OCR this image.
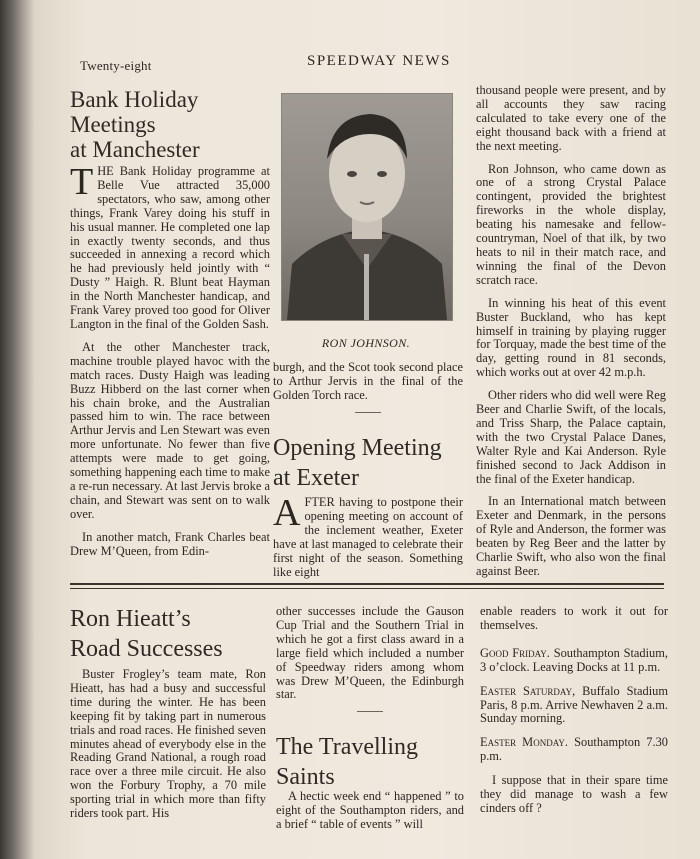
Twenty-eight	SPEEDWAY NEWS
Bank Holiday
Meetings
at Manchester

THE Bank Holiday programme at Belle Vue attracted 35,000 spectators, who saw, among other things, Frank Varey doing his stuff in his usual manner. He completed one lap in exactly twenty seconds, and thus succeeded in annexing a record which he had previously held jointly with “ Dusty ” Haigh. R. Blunt beat Hayman in the North Manchester handicap, and Frank Varey proved too good for Oliver Langton in the final of the Golden Sash.

At the other Manchester track, machine trouble played havoc with the match races. Dusty Haigh was leading Buzz Hibberd on the last corner when his chain broke, and the Australian passed him to win. The race between Arthur Jervis and Len Stewart was even more unfortunate. No fewer than five attempts were made to get going, something happening each time to make a re-run necessary. At last Jervis broke a chain, and Stewart was sent on to walk over.

In another match, Frank Charles beat Drew M’Queen, from Edin-

RON JOHNSON.

burgh, and the Scot took second place to Arthur Jervis in the final of the Golden Torch race.

Opening Meeting
at Exeter

AFTER having to postpone their opening meeting on account of the inclement weather, Exeter have at last managed to celebrate their first night of the season. Something like eight

thousand people were present, and by all accounts they saw racing calculated to take every one of the eight thousand back with a friend at the next meeting.

Ron Johnson, who came down as one of a strong Crystal Palace contingent, provided the brightest fireworks in the whole display, beating his namesake and fellow-countryman, Noel of that ilk, by two heats to nil in their match race, and winning the final of the Devon scratch race.

In winning his heat of this event Buster Buckland, who has kept himself in training by playing rugger for Torquay, made the best time of the day, getting round in 81 seconds, which works out at over 42 m.p.h.

Other riders who did well were Reg Beer and Charlie Swift, of the locals, and Triss Sharp, the Palace captain, with the two Crystal Palace Danes, Walter Ryle and Kai Anderson. Ryle finished second to Jack Addison in the final of the Exeter handicap.

In an International match between Exeter and Denmark, in the persons of Ryle and Anderson, the former was beaten by Reg Beer and the latter by Charlie Swift, who also won the final against Beer.

Ron Hieatt’s
Road Successes

Buster Frogley’s team mate, Ron Hieatt, has had a busy and successful time during the winter. He has been keeping fit by taking part in numerous trials and road races. He finished seven minutes ahead of everybody else in the Reading Grand National, a rough road race over a three mile circuit. He also won the Forbury Trophy, a 70 mile sporting trial in which more than fifty riders took part. His

other successes include the Gauson Cup Trial and the Southern Trial in which he got a first class award in a large field which included a number of Speedway riders among whom was Drew M’Queen, the Edinburgh star.

The Travelling
Saints

A hectic week end “ happened ” to eight of the Southampton riders, and a brief “ table of events ” will

enable readers to work it out for themselves.

Good Friday. Southampton Stadium, 3 o’clock. Leaving Docks at 11 p.m.

Easter Saturday, Buffalo Stadium Paris, 8 p.m. Arrive Newhaven 2 a.m. Sunday morning.

Easter Monday. Southampton 7.30 p.m.

I suppose that in their spare time they did manage to wash a few cinders off ?
